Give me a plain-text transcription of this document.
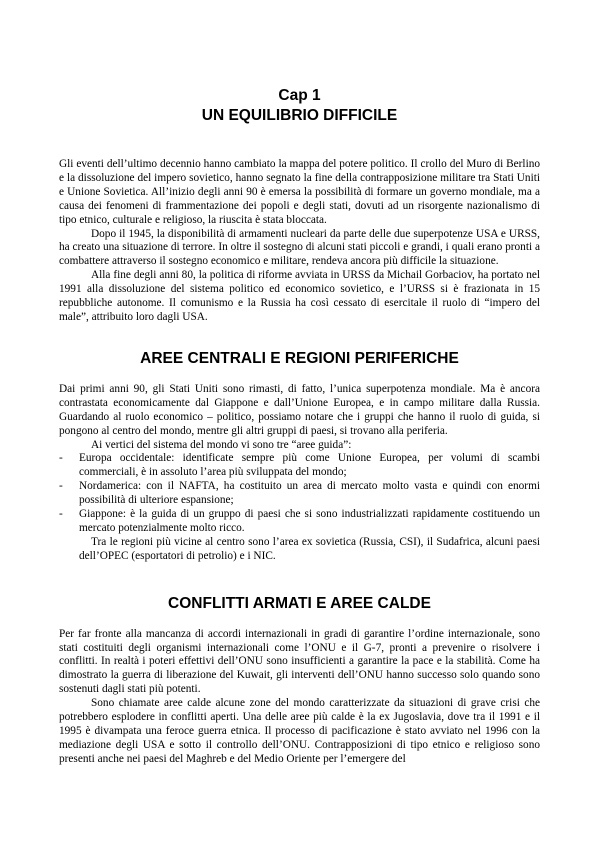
Cap 1
UN EQUILIBRIO DIFFICILE

Gli eventi dell’ultimo decennio hanno cambiato la mappa del potere politico. Il crollo del Muro di Berlino e la dissoluzione del impero sovietico, hanno segnato la fine della contrapposizione militare tra Stati Uniti e Unione Sovietica. All’inizio degli anni 90 è emersa la possibilità di formare un governo mondiale, ma a causa dei fenomeni di frammentazione dei popoli e degli stati, dovuti ad un risorgente nazionalismo di tipo etnico, culturale e religioso, la riuscita è stata bloccata.

Dopo il 1945, la disponibilità di armamenti nucleari da parte delle due superpotenze USA e URSS, ha creato una situazione di terrore. In oltre il sostegno di alcuni stati piccoli e grandi, i quali erano pronti a combattere attraverso il sostegno economico e militare, rendeva ancora più difficile la situazione.

Alla fine degli anni 80, la politica di riforme avviata in URSS da Michail Gorbaciov, ha portato nel 1991 alla dissoluzione del sistema politico ed economico sovietico, e l’URSS si è frazionata in 15 repubbliche autonome. Il comunismo e la Russia ha così cessato di esercitale il ruolo di “impero del male”, attribuito loro dagli USA.

AREE CENTRALI E REGIONI PERIFERICHE

Dai primi anni 90, gli Stati Uniti sono rimasti, di fatto, l’unica superpotenza mondiale. Ma è ancora contrastata economicamente dal Giappone e dall’Unione Europea, e in campo militare dalla Russia. Guardando al ruolo economico – politico, possiamo notare che i gruppi che hanno il ruolo di guida, si pongono al centro del mondo, mentre gli altri gruppi di paesi, si trovano alla periferia.

Ai vertici del sistema del mondo vi sono tre “aree guida”:

- Europa occidentale: identificate sempre più come Unione Europea, per volumi di scambi commerciali, è in assoluto l’area più sviluppata del mondo;
- Nordamerica: con il NAFTA, ha costituito un area di mercato molto vasta e quindi con enormi possibilità di ulteriore espansione;
- Giappone: è la guida di un gruppo di paesi che si sono industrializzati rapidamente costituendo un mercato potenzialmente molto ricco.

Tra le regioni più vicine al centro sono l’area ex sovietica (Russia, CSI), il Sudafrica, alcuni paesi dell’OPEC (esportatori di petrolio) e i NIC.

CONFLITTI ARMATI E AREE CALDE

Per far fronte alla mancanza di accordi internazionali in gradi di garantire l’ordine internazionale, sono stati costituiti degli organismi internazionali come l’ONU e il G-7, pronti a prevenire o risolvere i conflitti. In realtà i poteri effettivi dell’ONU sono insufficienti a garantire la pace e la stabilità. Come ha dimostrato la guerra di liberazione del Kuwait, gli interventi dell’ONU hanno successo solo quando sono sostenuti dagli stati più potenti.

Sono chiamate aree calde alcune zone del mondo caratterizzate da situazioni di grave crisi che potrebbero esplodere in conflitti aperti. Una delle aree più calde è la ex Jugoslavia, dove tra il 1991 e il 1995 è divampata una feroce guerra etnica. Il processo di pacificazione è stato avviato nel 1996 con la mediazione degli USA e sotto il controllo dell’ONU. Contrapposizioni di tipo etnico e religioso sono presenti anche nei paesi del Maghreb e del Medio Oriente per l’emergere del
